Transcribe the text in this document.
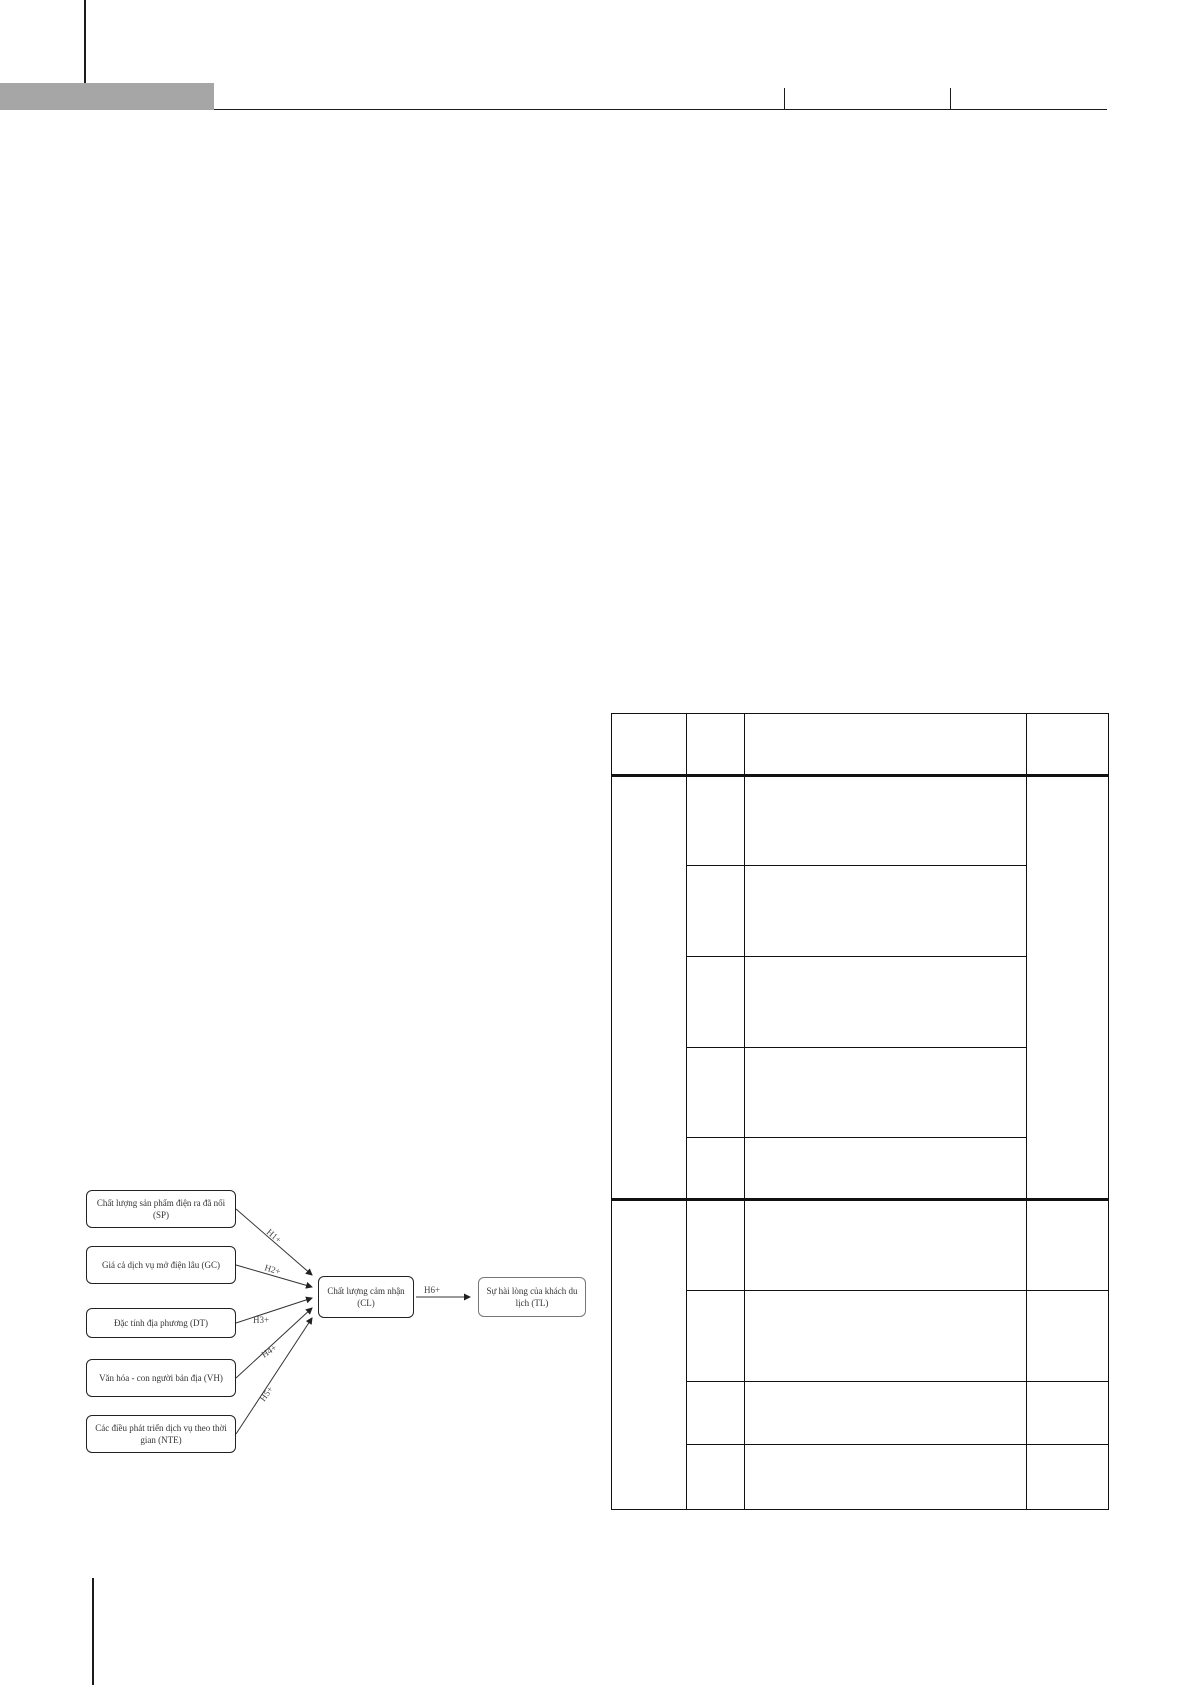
H1+
H2+
H3+
H4+
H5+
H6+
Chất lượng sản phẩm điện ra đã nối (SP)
Giá cả dịch vụ mở điện lâu (GC)
Đặc tính địa phương (DT)
Văn hóa - con người bản địa (VH)
Các điều phát triển dịch vụ theo thời gian (NTE)
Chất lượng cảm nhận (CL)
Sự hài lòng của khách du lịch (TL)
